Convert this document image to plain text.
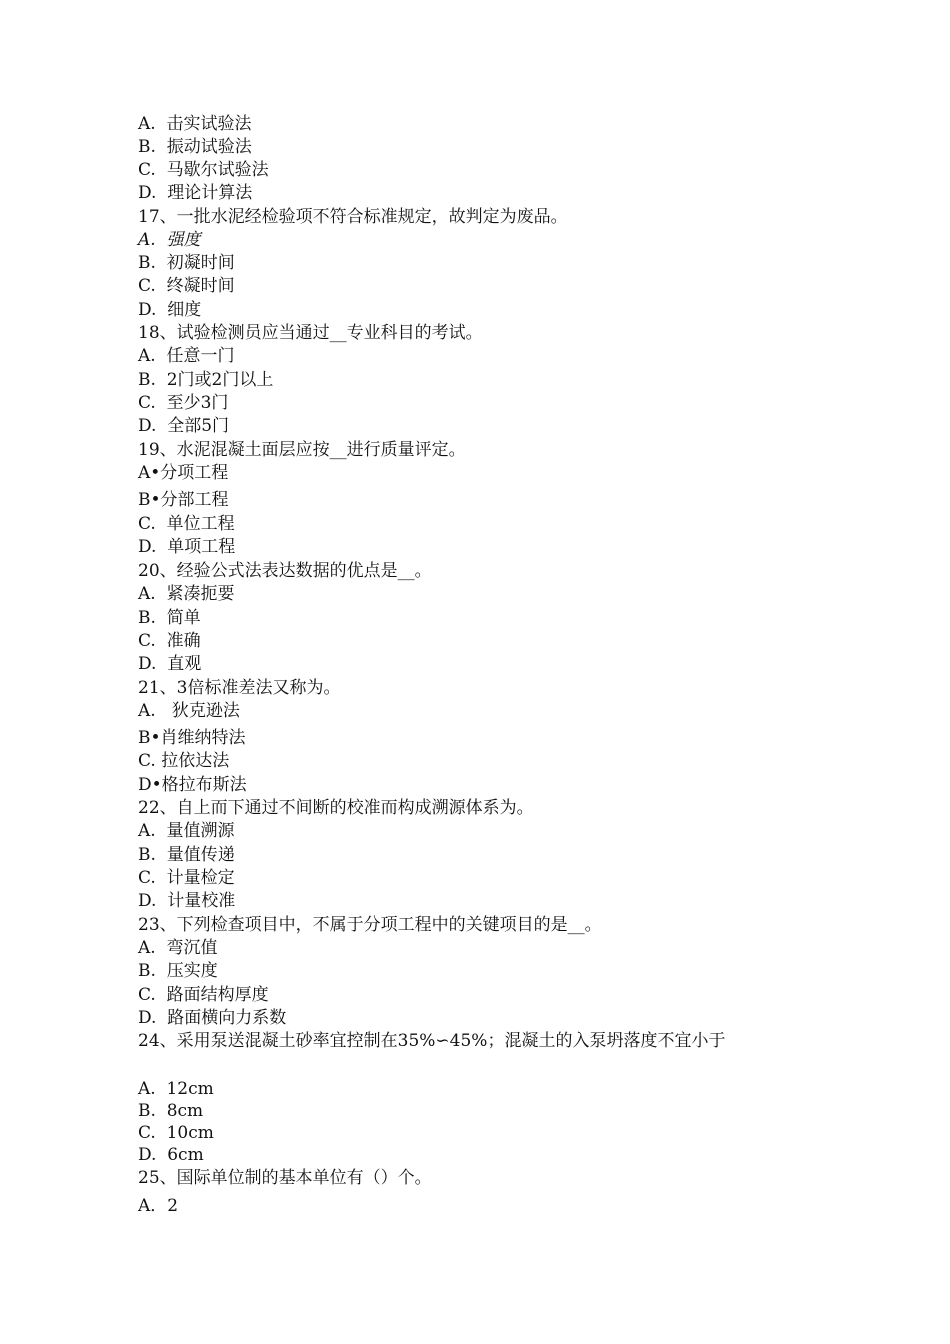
A.  击实试验法
B.  振动试验法
C.  马歇尔试验法
D.  理论计算法
17、一批水泥经检验项不符合标准规定，故判定为废品。
A.  强度
B.  初凝时间
C.  终凝时间
D.  细度
18、试验检测员应当通过__专业科目的考试。
A.  任意一门
B.  2门或2门以上
C.  至少3门
D.  全部5门
19、水泥混凝土面层应按__进行质量评定。
A•分项工程
B•分部工程
C.  单位工程
D.  单项工程
20、经验公式法表达数据的优点是__。
A.  紧凑扼要
B.  简单
C.  准确
D.  直观
21、3倍标准差法又称为。
A.   狄克逊法
B•肖维纳特法
C. 拉依达法
D•格拉布斯法
22、自上而下通过不间断的校准而构成溯源体系为。
A.  量值溯源
B.  量值传递
C.  计量检定
D.  计量校准
23、下列检查项目中，不属于分项工程中的关键项目的是__。
A.  弯沉值
B.  压实度
C.  路面结构厚度
D.  路面横向力系数
24、采用泵送混凝土砂率宜控制在35%∽45%；混凝土的入泵坍落度不宜小于
A.  12cm
B.  8cm
C.  10cm
D.  6cm
25、国际单位制的基本单位有（）个。
A．2
